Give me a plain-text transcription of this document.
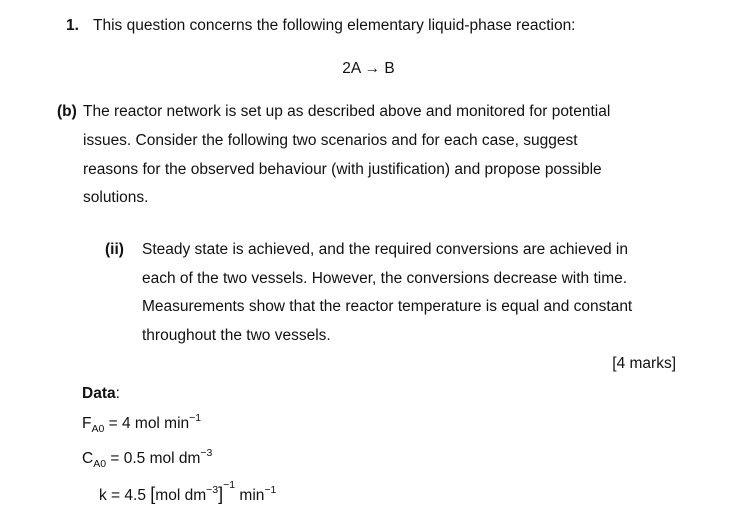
1. This question concerns the following elementary liquid-phase reaction:
2A → B
(b) The reactor network is set up as described above and monitored for potential
issues. Consider the following two scenarios and for each case, suggest
reasons for the observed behaviour (with justification) and propose possible
solutions.
(ii) Steady state is achieved, and the required conversions are achieved in
each of the two vessels. However, the conversions decrease with time.
Measurements show that the reactor temperature is equal and constant
throughout the two vessels.
[4 marks]
Data:
$F_{A0} = 4$ mol $\min^{-1}$
$C_{A0} = 0.5$ mol $dm^{-3}$
k = 4.5 [mol $dm^{-3}]^{-1}$ $\min^{-1}$
